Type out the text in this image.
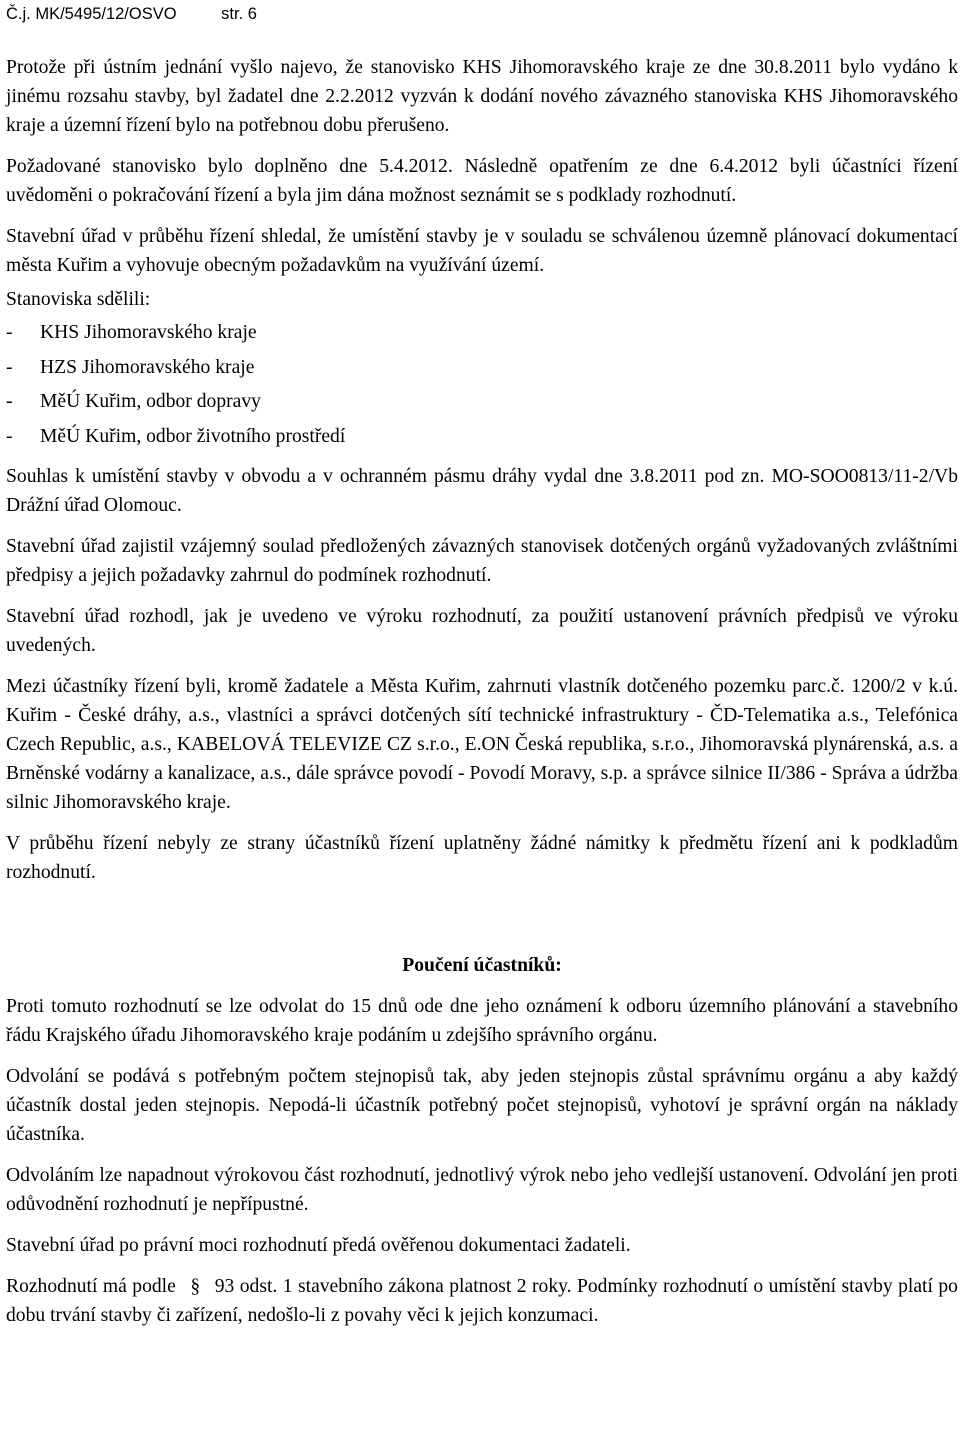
Č.j. MK/5495/12/OSVO	str. 6

Protože při ústním jednání vyšlo najevo, že stanovisko KHS Jihomoravského kraje ze dne 30.8.2011 bylo vydáno k jinému rozsahu stavby, byl žadatel dne 2.2.2012 vyzván k dodání nového závazného stanoviska KHS Jihomoravského kraje a územní řízení bylo na potřebnou dobu přerušeno.

Požadované stanovisko bylo doplněno dne 5.4.2012. Následně opatřením ze dne 6.4.2012 byli účastníci řízení uvědoměni o pokračování řízení a byla jim dána možnost seznámit se s podklady rozhodnutí.

Stavební úřad v průběhu řízení shledal, že umístění stavby je v souladu se schválenou územně plánovací dokumentací města Kuřim a vyhovuje obecným požadavkům na využívání území.

Stanoviska sdělili:

- KHS Jihomoravského kraje
- HZS Jihomoravského kraje
- MěÚ Kuřim, odbor dopravy
- MěÚ Kuřim, odbor životního prostředí

Souhlas k umístění stavby v obvodu a v ochranném pásmu dráhy vydal dne 3.8.2011 pod zn. MO-SOO0813/11-2/Vb Drážní úřad Olomouc.

Stavební úřad zajistil vzájemný soulad předložených závazných stanovisek dotčených orgánů vyžadovaných zvláštními předpisy a jejich požadavky zahrnul do podmínek rozhodnutí.

Stavební úřad rozhodl, jak je uvedeno ve výroku rozhodnutí, za použití ustanovení právních předpisů ve výroku uvedených.

Mezi účastníky řízení byli, kromě žadatele a Města Kuřim, zahrnuti vlastník dotčeného pozemku parc.č. 1200/2 v k.ú. Kuřim - České dráhy, a.s., vlastníci a správci dotčených sítí technické infrastruktury - ČD-Telematika a.s., Telefónica Czech Republic, a.s., KABELOVÁ TELEVIZE CZ s.r.o., E.ON Česká republika, s.r.o., Jihomoravská plynárenská, a.s. a Brněnské vodárny a kanalizace, a.s., dále správce povodí - Povodí Moravy, s.p. a správce silnice II/386 - Správa a údržba silnic Jihomoravského kraje.

V průběhu řízení nebyly ze strany účastníků řízení uplatněny žádné námitky k předmětu řízení ani k podkladům rozhodnutí.

Poučení účastníků:

Proti tomuto rozhodnutí se lze odvolat do 15 dnů ode dne jeho oznámení k odboru územního plánování a stavebního řádu Krajského úřadu Jihomoravského kraje podáním u zdejšího správního orgánu.

Odvolání se podává s potřebným počtem stejnopisů tak, aby jeden stejnopis zůstal správnímu orgánu a aby každý účastník dostal jeden stejnopis. Nepodá-li účastník potřebný počet stejnopisů, vyhotoví je správní orgán na náklady účastníka.

Odvoláním lze napadnout výrokovou část rozhodnutí, jednotlivý výrok nebo jeho vedlejší ustanovení. Odvolání jen proti odůvodnění rozhodnutí je nepřípustné.

Stavební úřad po právní moci rozhodnutí předá ověřenou dokumentaci žadateli.

Rozhodnutí má podle § 93 odst. 1 stavebního zákona platnost 2 roky. Podmínky rozhodnutí o umístění stavby platí po dobu trvání stavby či zařízení, nedošlo-li z povahy věci k jejich konzumaci.
